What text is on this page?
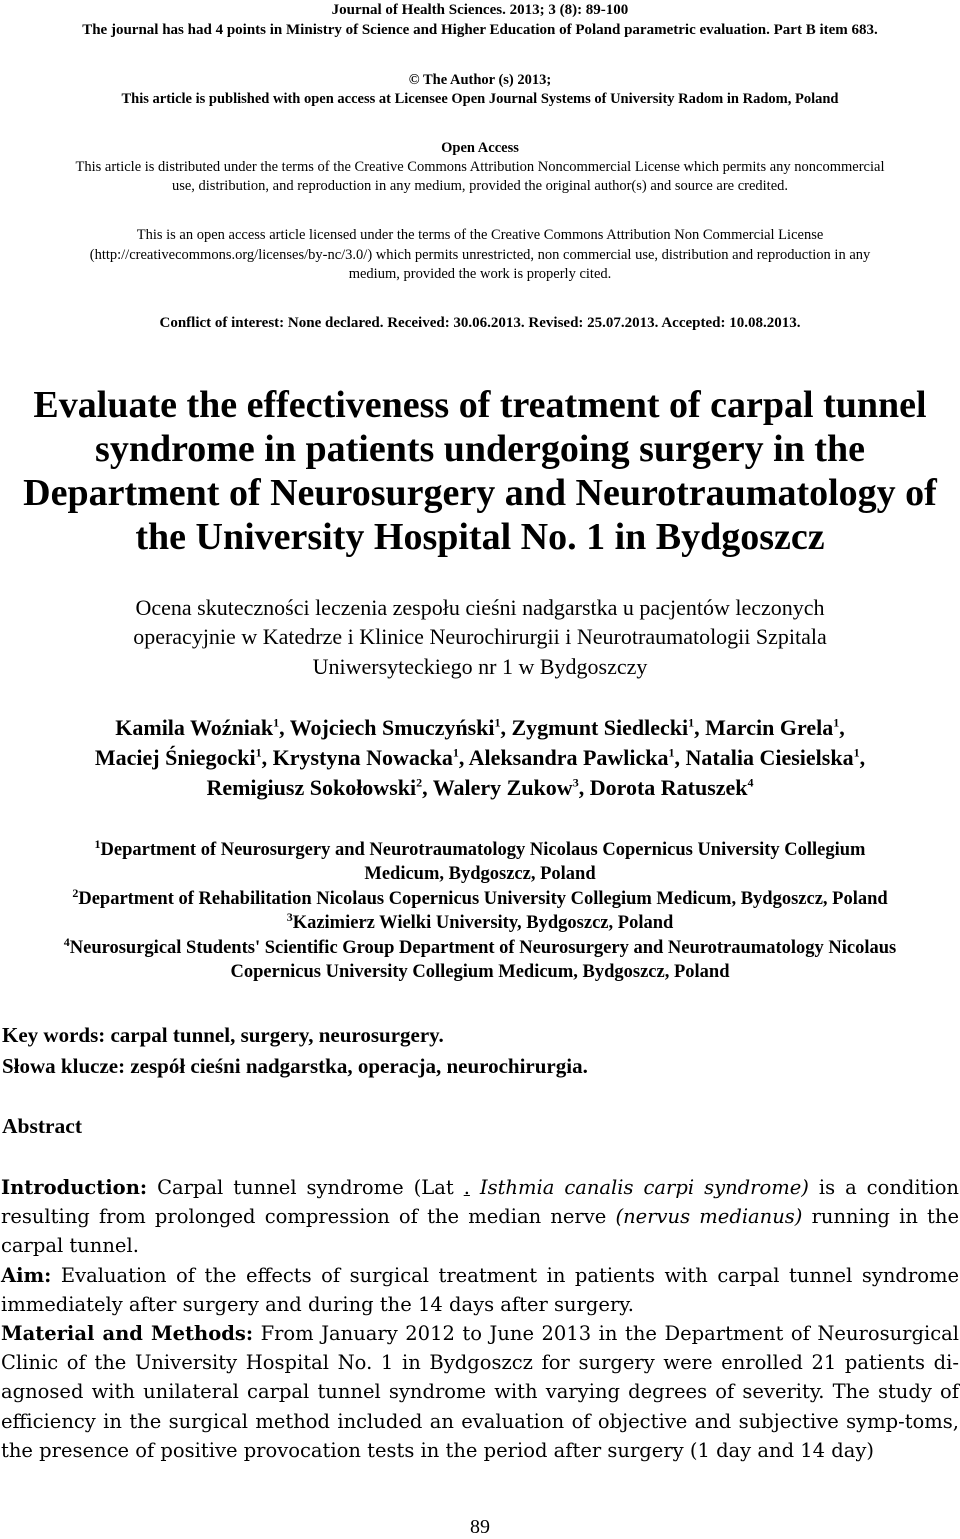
Journal of Health Sciences. 2013; 3 (8): 89-100
The journal has had 4 points in Ministry of Science and Higher Education of Poland parametric evaluation. Part B item 683.
© The Author (s) 2013;
This article is published with open access at Licensee Open Journal Systems of University Radom in Radom, Poland
Open Access
This article is distributed under the terms of the Creative Commons Attribution Noncommercial License which permits any noncommercial
use, distribution, and reproduction in any medium, provided the original author(s) and source are credited.
This is an open access article licensed under the terms of the Creative Commons Attribution Non Commercial License
(http://creativecommons.org/licenses/by-nc/3.0/) which permits unrestricted, non commercial use, distribution and reproduction in any
medium, provided the work is properly cited.
Conflict of interest: None declared. Received: 30.06.2013. Revised: 25.07.2013. Accepted: 10.08.2013.
Evaluate the effectiveness of treatment of carpal tunnel
syndrome in patients undergoing surgery in the
Department of Neurosurgery and Neurotraumatology of
the University Hospital No. 1 in Bydgoszcz
Ocena skuteczności leczenia zespołu cieśni nadgarstka u pacjentów leczonych
operacyjnie w Katedrze i Klinice Neurochirurgii i Neurotraumatologii Szpitala
Uniwersyteckiego nr 1 w Bydgoszczy
Kamila Woźniak$^1$, Wojciech Smuczyński$^1$, Zygmunt Siedlecki$^1$, Marcin Grela$^1$,
Maciej Śniegocki$^1$, Krystyna Nowacka$^1$, Aleksandra Pawlicka$^1$, Natalia Ciesielska$^1$,
Remigiusz Sokołowski$^2$, Walery Zukow$^3$, Dorota Ratuszek$^4$
$^1$Department of Neurosurgery and Neurotraumatology Nicolaus Copernicus University Collegium
Medicum, Bydgoszcz, Poland
$^2$Department of Rehabilitation Nicolaus Copernicus University Collegium Medicum, Bydgoszcz, Poland
$^3$Kazimierz Wielki University, Bydgoszcz, Poland
$^4$Neurosurgical Students' Scientific Group Department of Neurosurgery and Neurotraumatology Nicolaus
Copernicus University Collegium Medicum, Bydgoszcz, Poland
Key words: carpal tunnel, surgery, neurosurgery.
Słowa klucze: zespół cieśni nadgarstka, operacja, neurochirurgia.
Abstract
Introduction: Carpal tunnel syndrome (Lat . Isthmia canalis carpi syndrome) is a condition resulting from prolonged compression of the median nerve (nervus medianus) running in the carpal tunnel.
Aim: Evaluation of the effects of surgical treatment in patients with carpal tunnel syndrome immediately after surgery and during the 14 days after surgery.
Material and Methods: From January 2012 to June 2013 in the Department of Neurosurgical Clinic of the University Hospital No. 1 in Bydgoszcz for surgery were enrolled 21 patients di-agnosed with unilateral carpal tunnel syndrome with varying degrees of severity. The study of efficiency in the surgical method included an evaluation of objective and subjective symp-toms, the presence of positive provocation tests in the period after surgery (1 day and 14 day)
89
